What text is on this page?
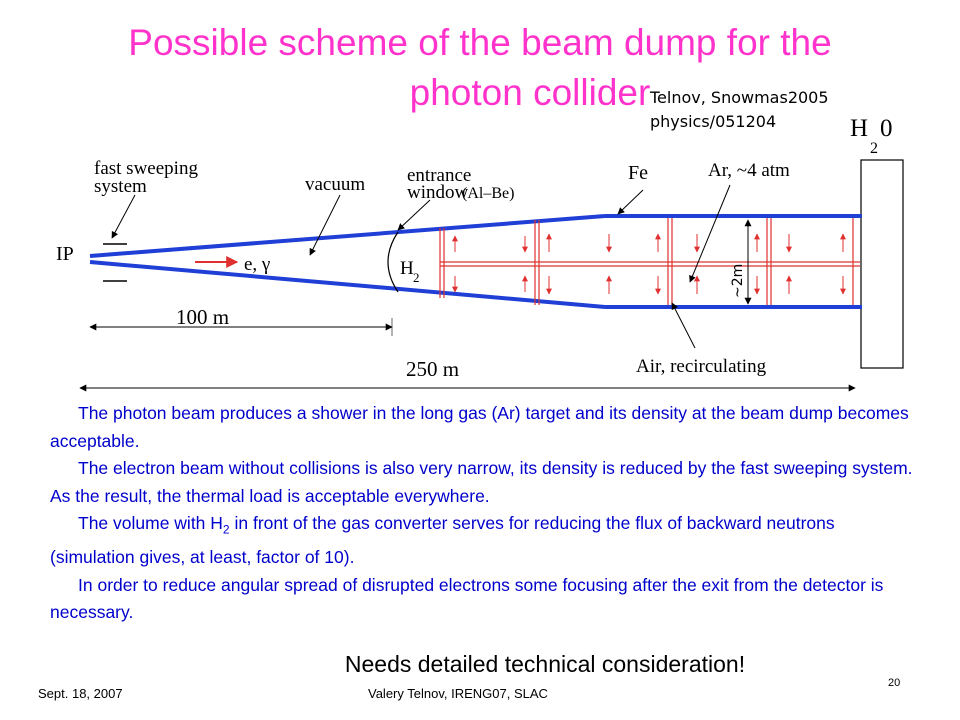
Possible scheme of the beam dump for the
photon collider Telnov, Snowmas2005
physics/051204
fast sweeping
system	vacuum entrance
window
(Al–Be)
Fe	Ar, ~4 atm
H
2
0
IP	e, γ	H 2	~2m
100 m
250 m	Air, recirculating

The photon beam produces a shower in the long gas (Ar) target and its density at the beam dump becomes acceptable.

The electron beam without collisions is also very narrow, its density is reduced by the fast sweeping system. As the result, the thermal load is acceptable everywhere.

The volume with $H_2$ in front of the gas converter serves for reducing the flux of backward neutrons (simulation gives, at least, factor of 10).

In order to reduce angular spread of disrupted electrons some focusing after the exit from the detector is necessary.

Needs detailed technical consideration!
Sept. 18, 2007	Valery Telnov, IRENG07, SLAC
20
